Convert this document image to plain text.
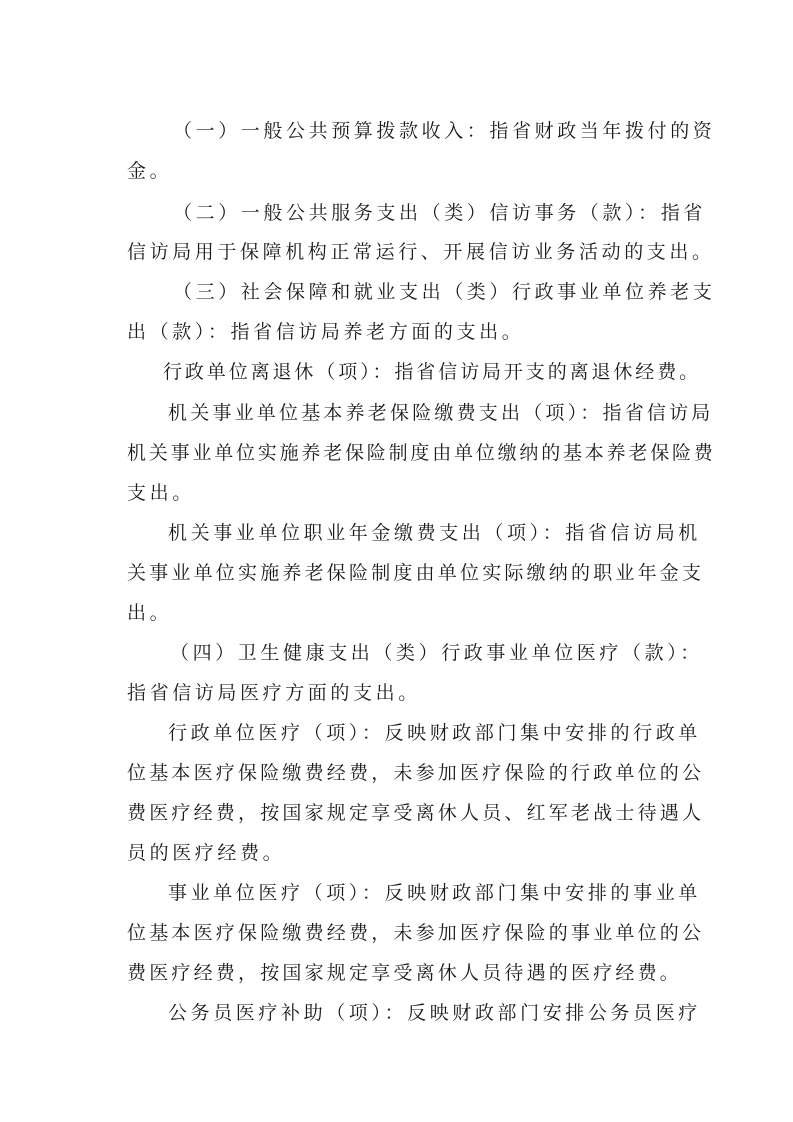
（一）一般公共预算拨款收入：指省财政当年拨付的资
金。
（二）一般公共服务支出（类）信访事务（款）：指省
信访局用于保障机构正常运行、开展信访业务活动的支出。
（三）社会保障和就业支出（类）行政事业单位养老支
出（款）：指省信访局养老方面的支出。
行政单位离退休（项）：指省信访局开支的离退休经费。
机关事业单位基本养老保险缴费支出（项）：指省信访局
机关事业单位实施养老保险制度由单位缴纳的基本养老保险费
支出。
机关事业单位职业年金缴费支出（项）：指省信访局机
关事业单位实施养老保险制度由单位实际缴纳的职业年金支
出。
（四）卫生健康支出（类）行政事业单位医疗（款）：
指省信访局医疗方面的支出。
行政单位医疗（项）：反映财政部门集中安排的行政单
位基本医疗保险缴费经费，未参加医疗保险的行政单位的公
费医疗经费，按国家规定享受离休人员、红军老战士待遇人
员的医疗经费。
事业单位医疗（项）：反映财政部门集中安排的事业单
位基本医疗保险缴费经费，未参加医疗保险的事业单位的公
费医疗经费，按国家规定享受离休人员待遇的医疗经费。
公务员医疗补助（项）：反映财政部门安排公务员医疗
